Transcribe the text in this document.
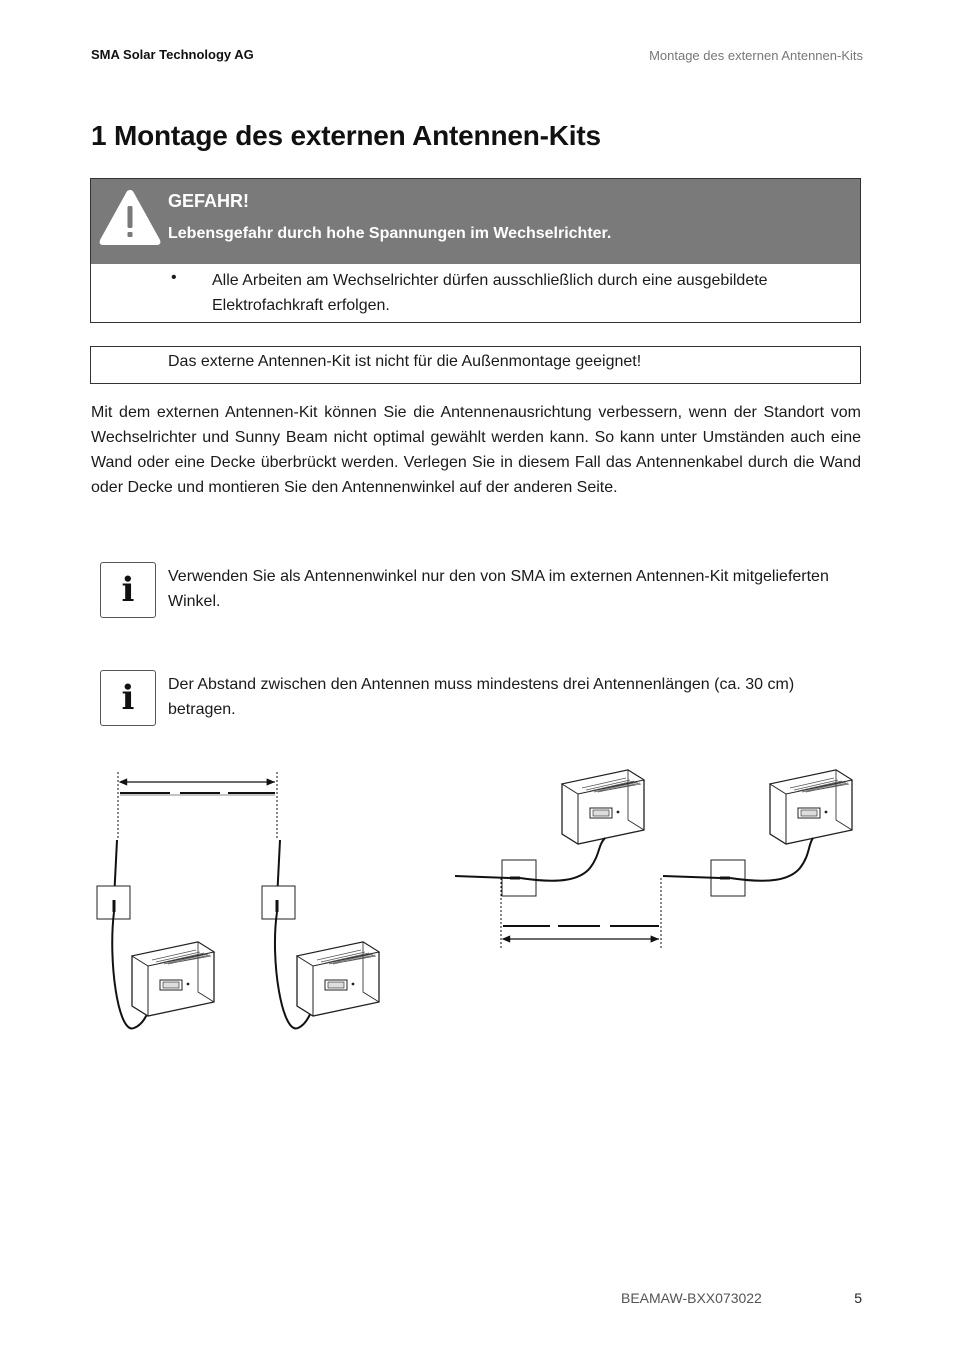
SMA Solar Technology AG	Montage des externen Antennen-Kits
1 Montage des externen Antennen-Kits
GEFAHR!
Lebensgefahr durch hohe Spannungen im Wechselrichter.
• Alle Arbeiten am Wechselrichter dürfen ausschließlich durch eine ausgebildete Elektrofachkraft erfolgen.
Das externe Antennen-Kit ist nicht für die Außenmontage geeignet!

Mit dem externen Antennen-Kit können Sie die Antennenausrichtung verbessern, wenn der Standort vom Wechselrichter und Sunny Beam nicht optimal gewählt werden kann. So kann unter Umständen auch eine Wand oder eine Decke überbrückt werden. Verlegen Sie in diesem Fall das Antennenkabel durch die Wand oder Decke und montieren Sie den Antennenwinkel auf der anderen Seite.

i	Verwenden Sie als Antennenwinkel nur den von SMA im externen Antennen-Kit mitgelieferten Winkel.

i	Der Abstand zwischen den Antennen muss mindestens drei Antennenlängen (ca. 30 cm) betragen.

BEAMAW-BXX073022	5
